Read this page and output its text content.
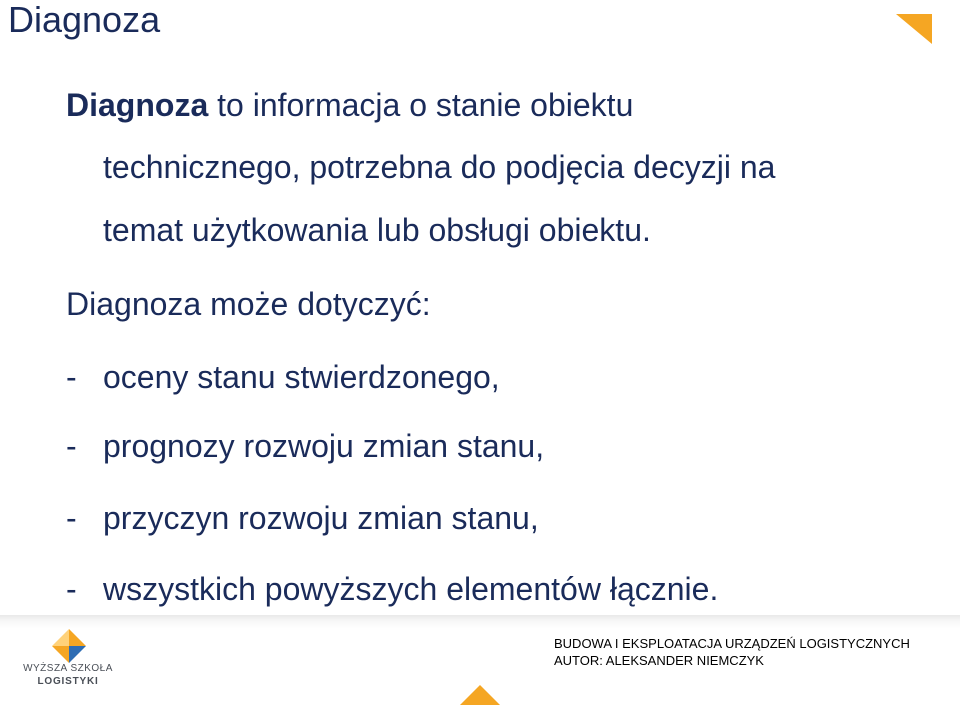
Diagnoza
Diagnoza to informacja o stanie obiektu
technicznego, potrzebna do podjęcia decyzji na
temat użytkowania lub obsługi obiektu.
Diagnoza może dotyczyć:
- oceny stanu stwierdzonego,
- prognozy rozwoju zmian stanu,
- przyczyn rozwoju zmian stanu,
- wszystkich powyższych elementów łącznie.
WYŻSZA SZKOŁA
LOGISTYKI
BUDOWA I EKSPLOATACJA URZĄDZEŃ LOGISTYCZNYCH
AUTOR: ALEKSANDER NIEMCZYK
